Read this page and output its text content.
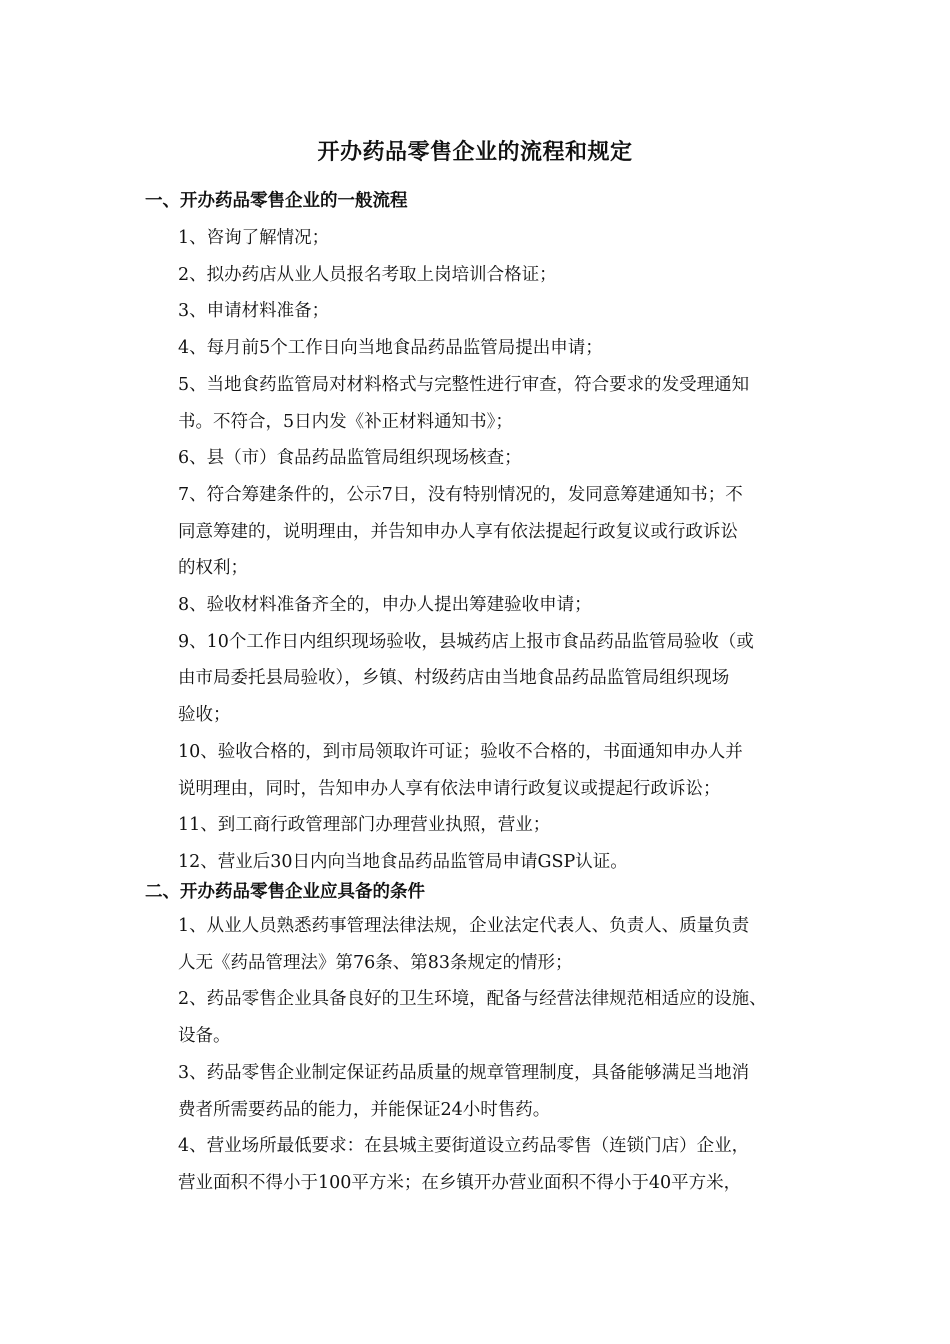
开办药品零售企业的流程和规定
一、开办药品零售企业的一般流程
1、咨询了解情况；
2、拟办药店从业人员报名考取上岗培训合格证；
3、申请材料准备；
4、每月前5个工作日向当地食品药品监管局提出申请；
5、当地食药监管局对材料格式与完整性进行审查，符合要求的发受理通知
书。不符合，5日内发《补正材料通知书》；
6、县（市）食品药品监管局组织现场核查；
7、符合筹建条件的，公示7日，没有特别情况的，发同意筹建通知书；不
同意筹建的，说明理由，并告知申办人享有依法提起行政复议或行政诉讼
的权利；
8、验收材料准备齐全的，申办人提出筹建验收申请；
9、10个工作日内组织现场验收，县城药店上报市食品药品监管局验收（或
由市局委托县局验收），乡镇、村级药店由当地食品药品监管局组织现场
验收；
10、验收合格的，到市局领取许可证；验收不合格的，书面通知申办人并
说明理由，同时，告知申办人享有依法申请行政复议或提起行政诉讼；
11、到工商行政管理部门办理营业执照，营业；
12、营业后30日内向当地食品药品监管局申请GSP认证。
二、开办药品零售企业应具备的条件
1、从业人员熟悉药事管理法律法规，企业法定代表人、负责人、质量负责
人无《药品管理法》第76条、第83条规定的情形；
2、药品零售企业具备良好的卫生环境，配备与经营法律规范相适应的设施、
设备。
3、药品零售企业制定保证药品质量的规章管理制度，具备能够满足当地消
费者所需要药品的能力，并能保证24小时售药。
4、营业场所最低要求：在县城主要街道设立药品零售（连锁门店）企业，
营业面积不得小于100平方米；在乡镇开办营业面积不得小于40平方米，
